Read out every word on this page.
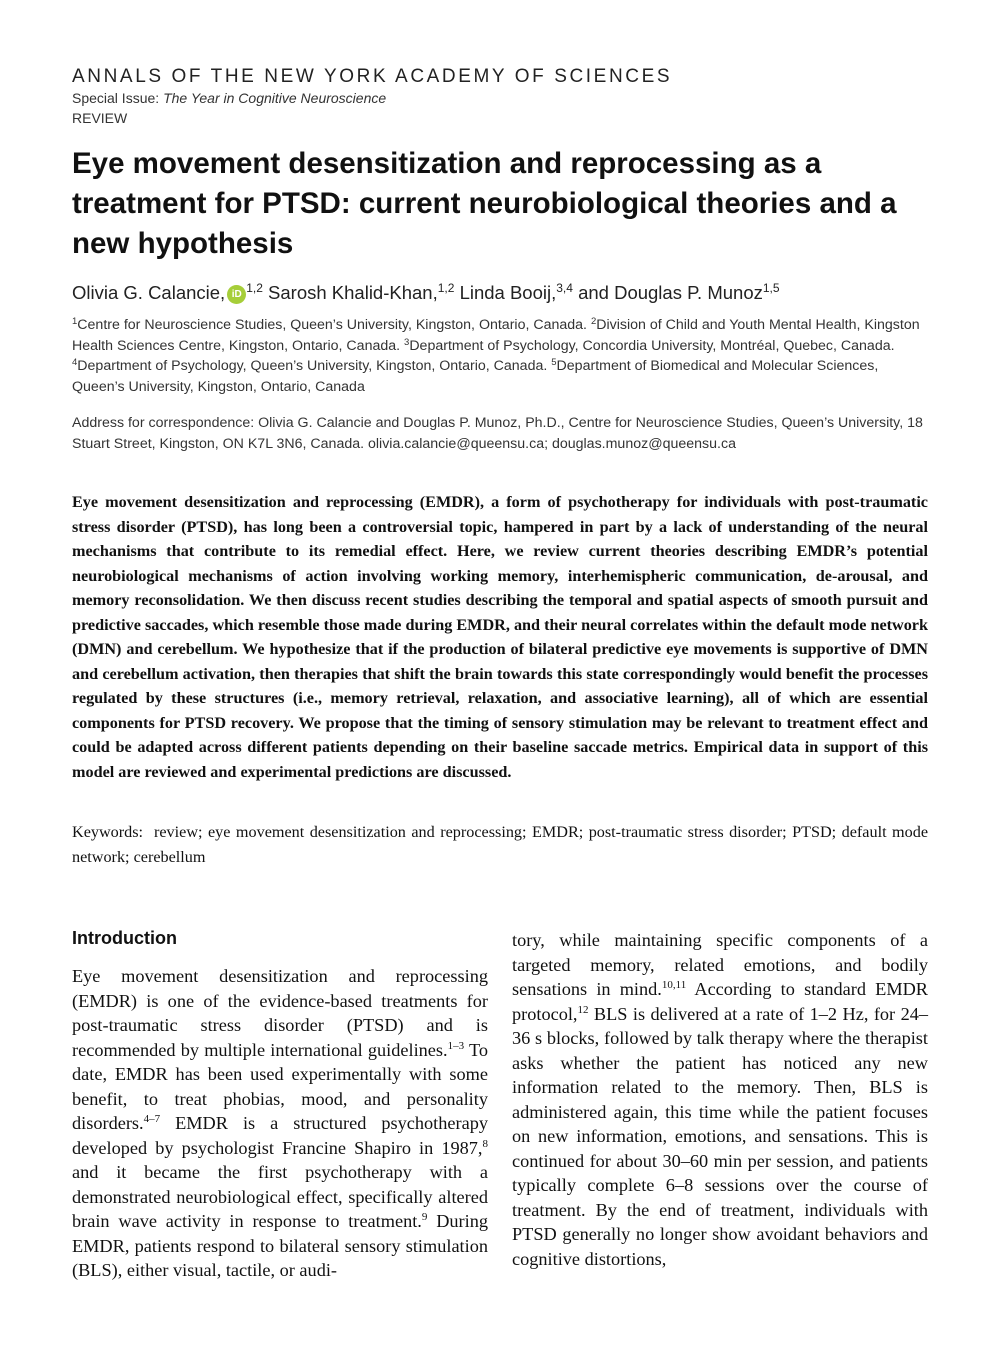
ANNALS OF THE NEW YORK ACADEMY OF SCIENCES
Special Issue: The Year in Cognitive Neuroscience
REVIEW
Eye movement desensitization and reprocessing as a treatment for PTSD: current neurobiological theories and a new hypothesis
Olivia G. Calancie, iD $^{1,2}$ Sarosh Khalid-Khan,$^{1,2}$ Linda Booij,$^{3,4}$ and Douglas P. Munoz$^{1,5}$

$^1$Centre for Neuroscience Studies, Queen’s University, Kingston, Ontario, Canada. $^2$Division of Child and Youth Mental Health, Kingston Health Sciences Centre, Kingston, Ontario, Canada. $^3$Department of Psychology, Concordia University, Montréal, Quebec, Canada. $^4$Department of Psychology, Queen’s University, Kingston, Ontario, Canada. $^5$Department of Biomedical and Molecular Sciences, Queen’s University, Kingston, Ontario, Canada

Address for correspondence: Olivia G. Calancie and Douglas P. Munoz, Ph.D., Centre for Neuroscience Studies, Queen’s University, 18 Stuart Street, Kingston, ON K7L 3N6, Canada. olivia.calancie@queensu.ca; douglas.munoz@queensu.ca

Eye movement desensitization and reprocessing (EMDR), a form of psychotherapy for individuals with post-traumatic stress disorder (PTSD), has long been a controversial topic, hampered in part by a lack of understanding of the neural mechanisms that contribute to its remedial effect. Here, we review current theories describing EMDR’s potential neurobiological mechanisms of action involving working memory, interhemispheric communication, de-arousal, and memory reconsolidation. We then discuss recent studies describing the temporal and spatial aspects of smooth pursuit and predictive saccades, which resemble those made during EMDR, and their neural correlates within the default mode network (DMN) and cerebellum. We hypothesize that if the production of bilateral predictive eye movements is supportive of DMN and cerebellum activation, then therapies that shift the brain towards this state correspondingly would benefit the processes regulated by these structures (i.e., memory retrieval, relaxation, and associative learning), all of which are essential components for PTSD recovery. We propose that the timing of sensory stimulation may be relevant to treatment effect and could be adapted across different patients depending on their baseline saccade metrics. Empirical data in support of this model are reviewed and experimental predictions are discussed.

Keywords: review; eye movement desensitization and reprocessing; EMDR; post-traumatic stress disorder; PTSD; default mode network; cerebellum

Introduction

Eye movement desensitization and reprocessing (EMDR) is one of the evidence-based treatments for post-traumatic stress disorder (PTSD) and is recommended by multiple international guidelines.$^{1-3}$ To date, EMDR has been used experimentally with some benefit, to treat phobias, mood, and personality disorders.$^{4-7}$ EMDR is a structured psychotherapy developed by psychologist Francine Shapiro in 1987,$^8$ and it became the first psychotherapy with a demonstrated neurobiological effect, specifically altered brain wave activity in response to treatment.$^9$ During EMDR, patients respond to bilateral sensory stimulation (BLS), either visual, tactile, or audi-

tory, while maintaining specific components of a targeted memory, related emotions, and bodily sensations in mind.$^{10,11}$ According to standard EMDR protocol,$^{12}$ BLS is delivered at a rate of 1–2 Hz, for 24–36 s blocks, followed by talk therapy where the therapist asks whether the patient has noticed any new information related to the memory. Then, BLS is administered again, this time while the patient focuses on new information, emotions, and sensations. This is continued for about 30–60 min per session, and patients typically complete 6–8 sessions over the course of treatment. By the end of treatment, individuals with PTSD generally no longer show avoidant behaviors and cognitive distortions,
